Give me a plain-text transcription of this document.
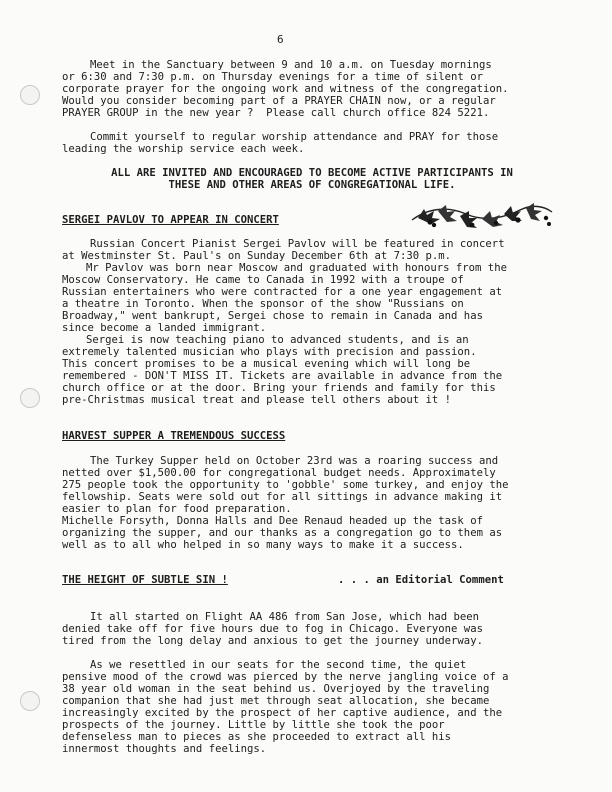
6
Meet in the Sanctuary between 9 and 10 a.m. on Tuesday mornings
or 6:30 and 7:30 p.m. on Thursday evenings for a time of silent or
corporate prayer for the ongoing work and witness of the congregation.
Would you consider becoming part of a PRAYER CHAIN now, or a regular
PRAYER GROUP in the new year ?  Please call church office 824 5221.
Commit yourself to regular worship attendance and PRAY for those
leading the worship service each week.
ALL ARE INVITED AND ENCOURAGED TO BECOME ACTIVE PARTICIPANTS IN
THESE AND OTHER AREAS OF CONGREGATIONAL LIFE.
SERGEI PAVLOV TO APPEAR IN CONCERT
Russian Concert Pianist Sergei Pavlov will be featured in concert
at Westminster St. Paul's on Sunday December 6th at 7:30 p.m.
Mr Pavlov was born near Moscow and graduated with honours from the
Moscow Conservatory. He came to Canada in 1992 with a troupe of
Russian entertainers who were contracted for a one year engagement at
a theatre in Toronto. When the sponsor of the show "Russians on
Broadway," went bankrupt, Sergei chose to remain in Canada and has
since become a landed immigrant.
Sergei is now teaching piano to advanced students, and is an
extremely talented musician who plays with precision and passion.
This concert promises to be a musical evening which will long be
remembered - DON'T MISS IT. Tickets are available in advance from the
church office or at the door. Bring your friends and family for this
pre-Christmas musical treat and please tell others about it !
HARVEST SUPPER A TREMENDOUS SUCCESS
The Turkey Supper held on October 23rd was a roaring success and
netted over $1,500.00 for congregational budget needs. Approximately
275 people took the opportunity to 'gobble' some turkey, and enjoy the
fellowship. Seats were sold out for all sittings in advance making it
easier to plan for food preparation.
Michelle Forsyth, Donna Halls and Dee Renaud headed up the task of
organizing the supper, and our thanks as a congregation go to them as
well as to all who helped in so many ways to make it a success.
THE HEIGHT OF SUBTLE SIN !	. . . an Editorial Comment
It all started on Flight AA 486 from San Jose, which had been
denied take off for five hours due to fog in Chicago. Everyone was
tired from the long delay and anxious to get the journey underway.
As we resettled in our seats for the second time, the quiet
pensive mood of the crowd was pierced by the nerve jangling voice of a
38 year old woman in the seat behind us. Overjoyed by the traveling
companion that she had just met through seat allocation, she became
increasingly excited by the prospect of her captive audience, and the
prospects of the journey. Little by little she took the poor
defenseless man to pieces as she proceeded to extract all his
innermost thoughts and feelings.
